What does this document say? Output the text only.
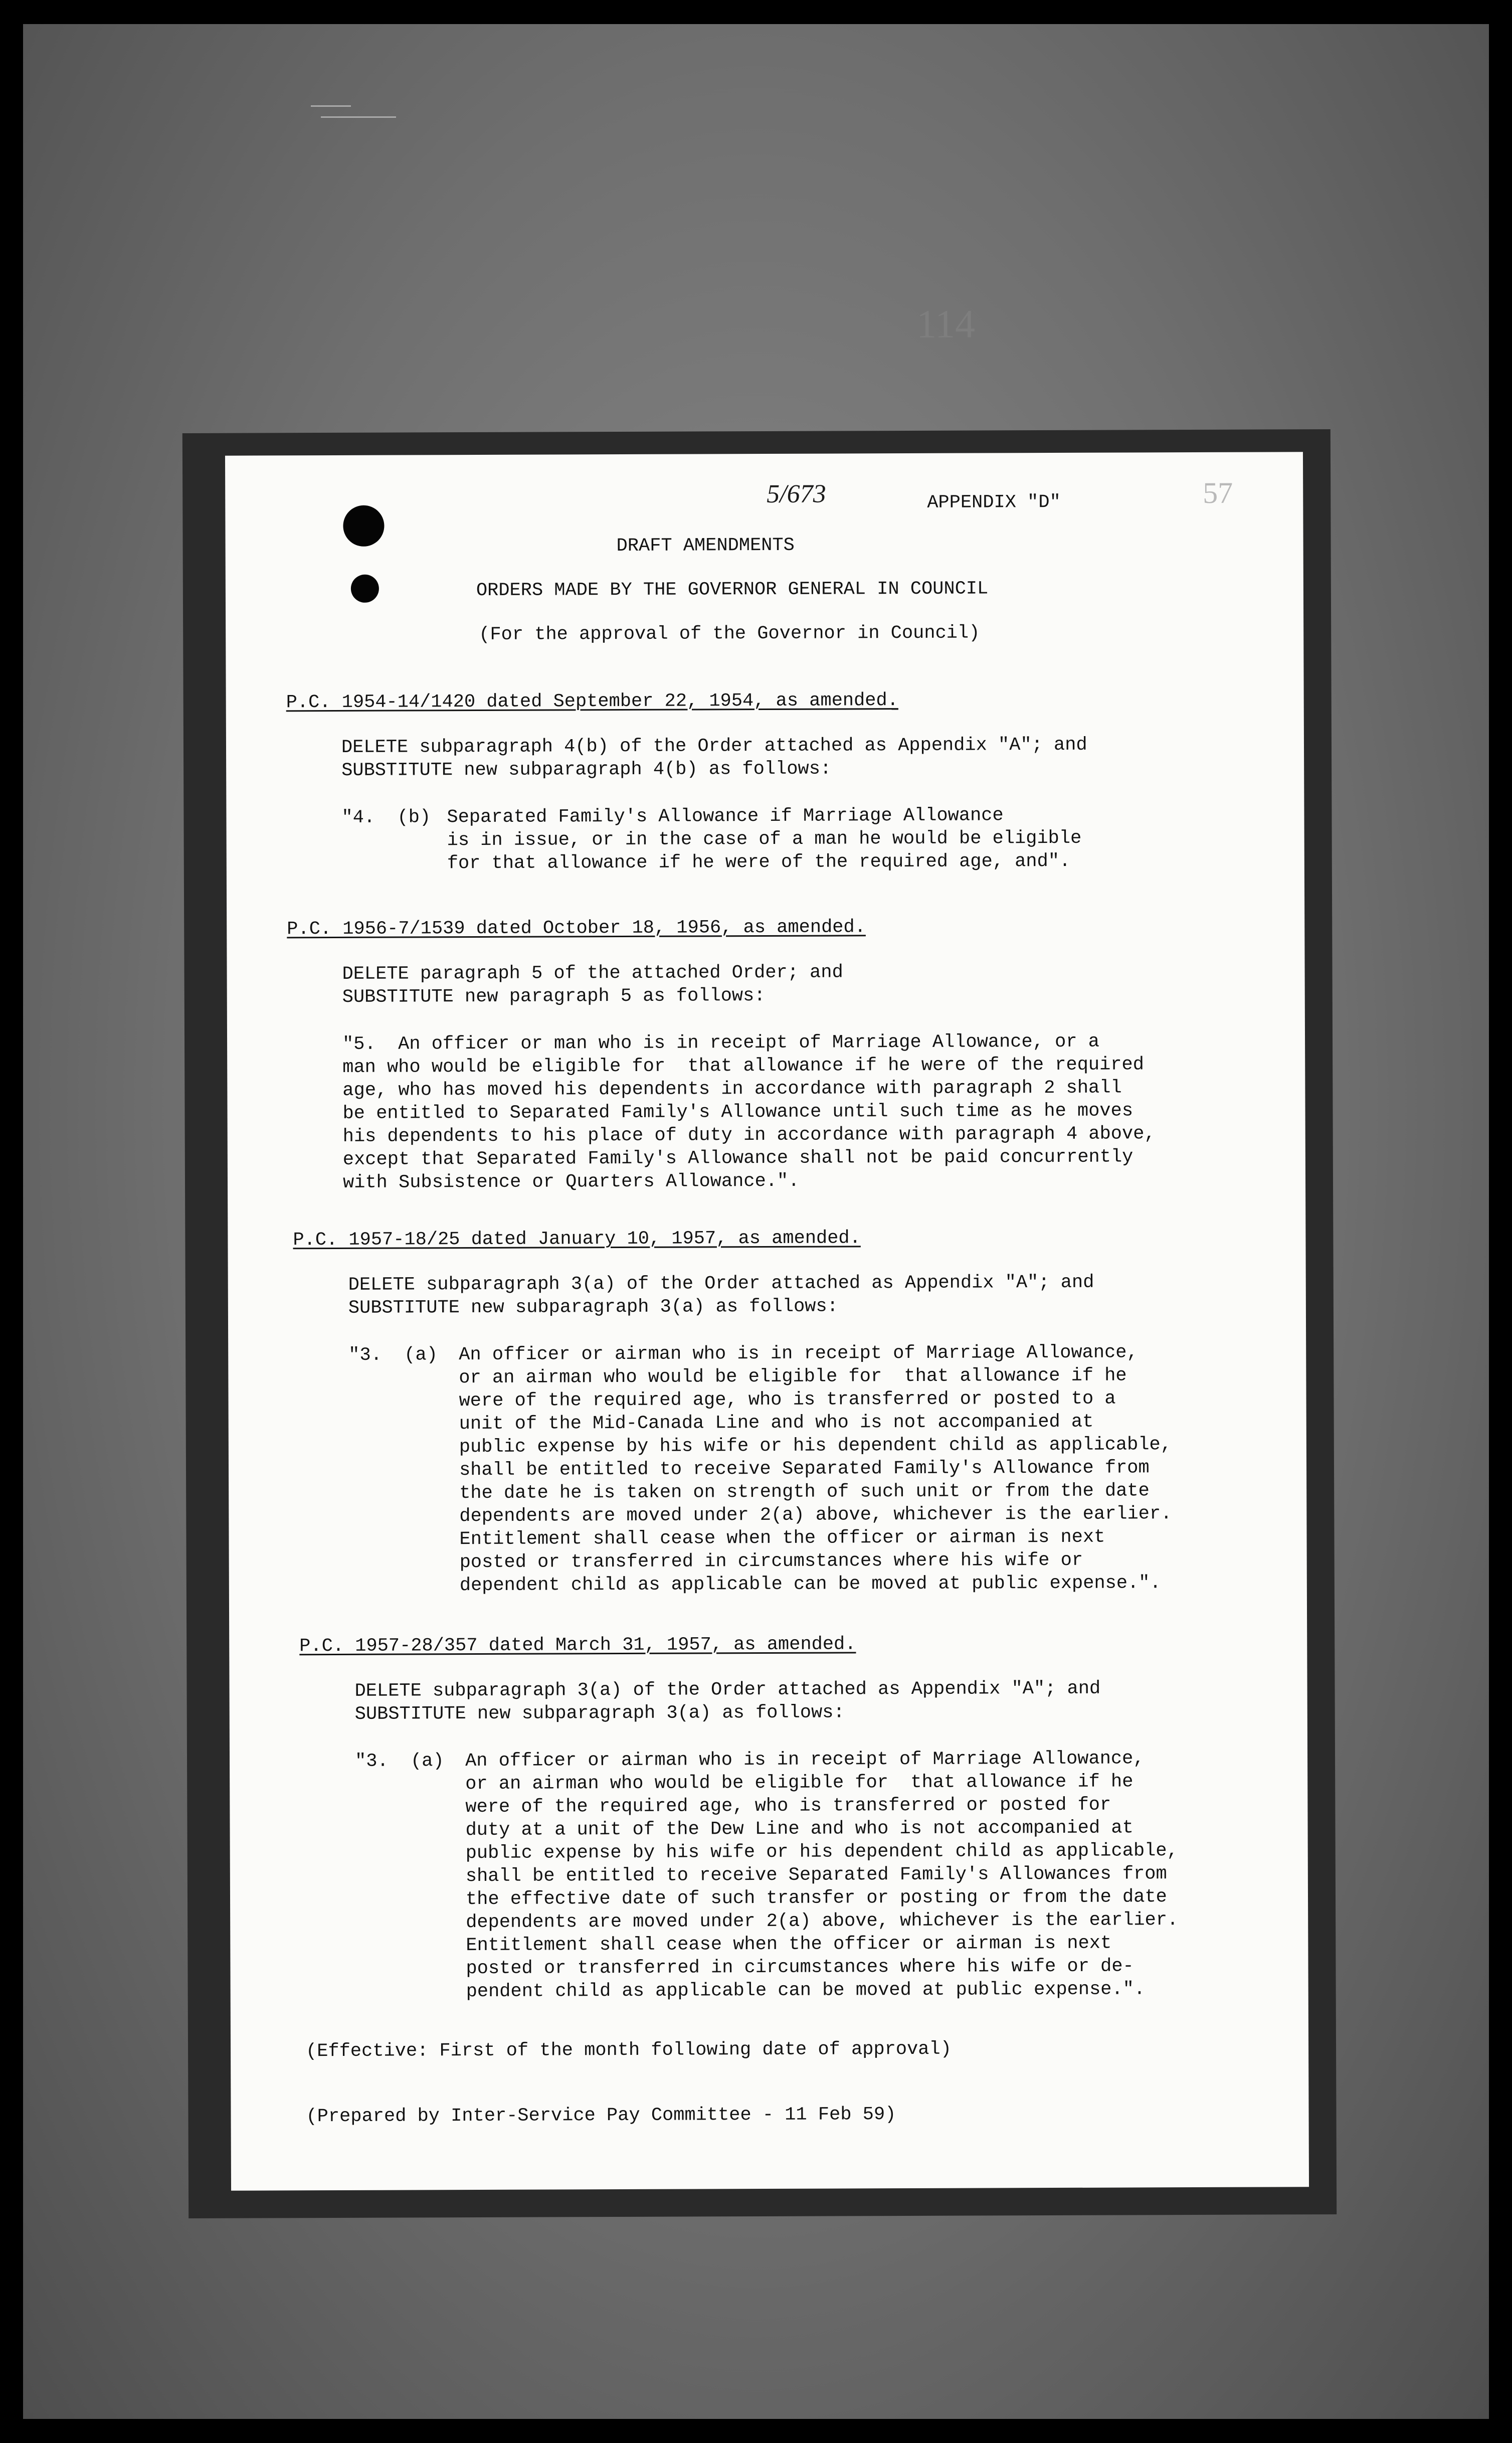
5/673	APPENDIX "D"	57
114
DRAFT AMENDMENTS
ORDERS MADE BY THE GOVERNOR GENERAL IN COUNCIL
(For the approval of the Governor in Council)
P.C. 1954-14/1420 dated September 22, 1954, as amended.
DELETE subparagraph 4(b) of the Order attached as Appendix "A"; and
SUBSTITUTE new subparagraph 4(b) as follows:
"4.  (b) Separated Family's Allowance if Marriage Allowance
is in issue, or in the case of a man he would be eligible
for that allowance if he were of the required age, and".
P.C. 1956-7/1539 dated October 18, 1956, as amended.
DELETE paragraph 5 of the attached Order; and
SUBSTITUTE new paragraph 5 as follows:
"5.  An officer or man who is in receipt of Marriage Allowance, or a
man who would be eligible for  that allowance if he were of the required
age, who has moved his dependents in accordance with paragraph 2 shall
be entitled to Separated Family's Allowance until such time as he moves
his dependents to his place of duty in accordance with paragraph 4 above,
except that Separated Family's Allowance shall not be paid concurrently
with Subsistence or Quarters Allowance.".
P.C. 1957-18/25 dated January 10, 1957, as amended.
DELETE subparagraph 3(a) of the Order attached as Appendix "A"; and
SUBSTITUTE new subparagraph 3(a) as follows:
"3.  (a) An officer or airman who is in receipt of Marriage Allowance,
or an airman who would be eligible for  that allowance if he
were of the required age, who is transferred or posted to a
unit of the Mid-Canada Line and who is not accompanied at
public expense by his wife or his dependent child as applicable,
shall be entitled to receive Separated Family's Allowance from
the date he is taken on strength of such unit or from the date
dependents are moved under 2(a) above, whichever is the earlier.
Entitlement shall cease when the officer or airman is next
posted or transferred in circumstances where his wife or
dependent child as applicable can be moved at public expense.".
P.C. 1957-28/357 dated March 31, 1957, as amended.
DELETE subparagraph 3(a) of the Order attached as Appendix "A"; and
SUBSTITUTE new subparagraph 3(a) as follows:
"3.  (a) An officer or airman who is in receipt of Marriage Allowance,
or an airman who would be eligible for  that allowance if he
were of the required age, who is transferred or posted for
duty at a unit of the Dew Line and who is not accompanied at
public expense by his wife or his dependent child as applicable,
shall be entitled to receive Separated Family's Allowances from
the effective date of such transfer or posting or from the date
dependents are moved under 2(a) above, whichever is the earlier.
Entitlement shall cease when the officer or airman is next
posted or transferred in circumstances where his wife or de-
pendent child as applicable can be moved at public expense.".
(Effective: First of the month following date of approval)
(Prepared by Inter-Service Pay Committee - 11 Feb 59)
